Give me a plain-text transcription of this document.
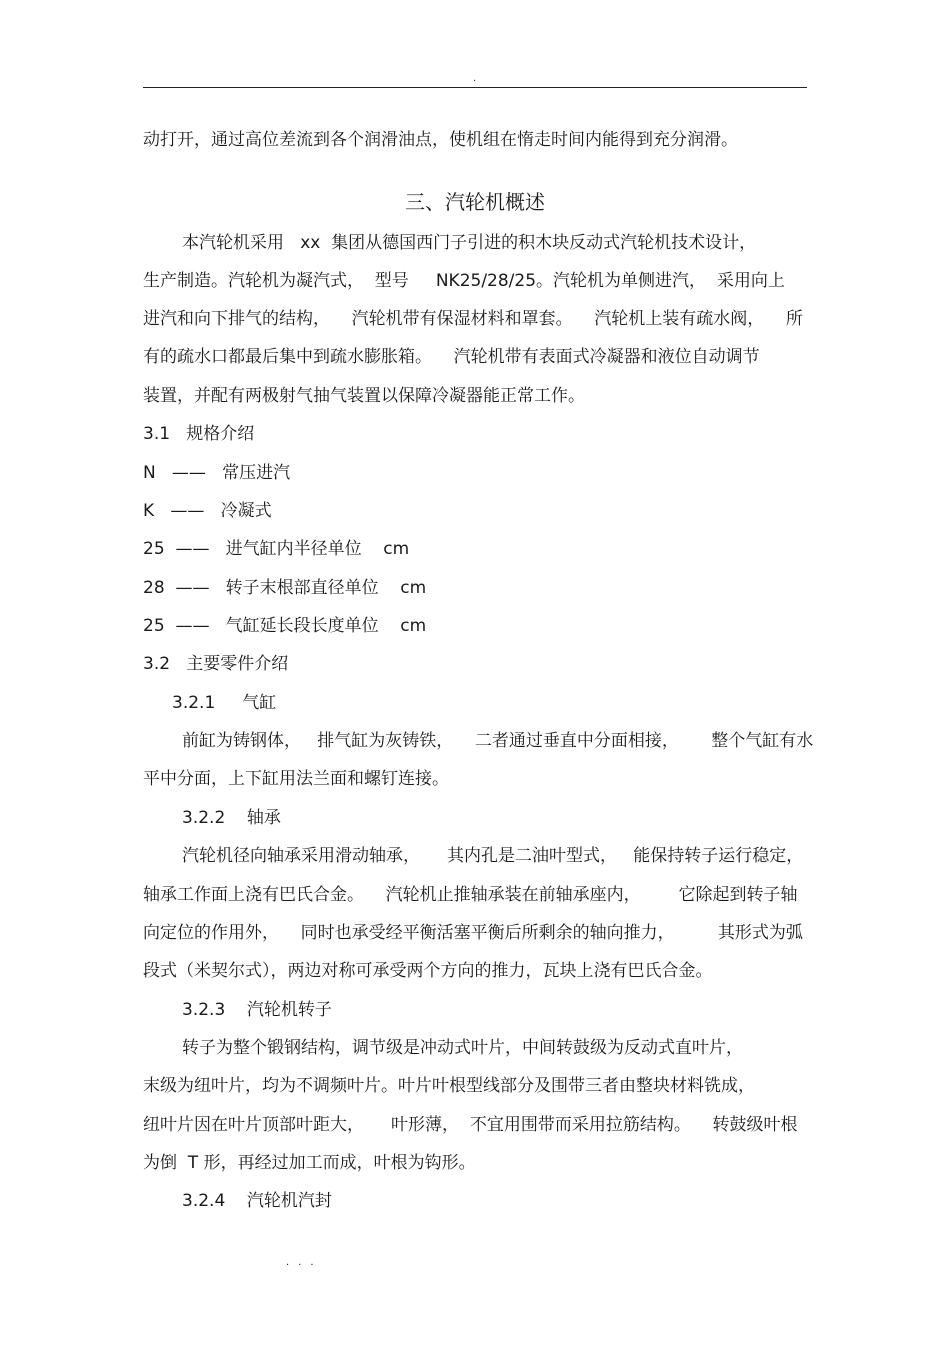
.
动打开，通过高位差流到各个润滑油点，使机组在惰走时间内能得到充分润滑。
三、汽轮机概述
本汽轮机采用   xx  集团从德国西门子引进的积木块反动式汽轮机技术设计，
生产制造。汽轮机为凝汽式，  型号     NK25/28/25。汽轮机为单侧进汽，  采用向上
进汽和向下排气的结构，    汽轮机带有保湿材料和罩套。    汽轮机上装有疏水阀，    所
有的疏水口都最后集中到疏水膨胀箱。    汽轮机带有表面式冷凝器和液位自动调节
装置，并配有两极射气抽气装置以保障冷凝器能正常工作。
3.1   规格介绍
N   ——   常压进汽
K   ——   冷凝式
25  ——   进气缸内半径单位    cm
28  ——   转子末根部直径单位    cm
25  ——   气缸延长段长度单位    cm
3.2   主要零件介绍
3.2.1     气缸
前缸为铸钢体，   排气缸为灰铸铁，    二者通过垂直中分面相接，      整个气缸有水
平中分面，上下缸用法兰面和螺钉连接。
3.2.2    轴承
汽轮机径向轴承采用滑动轴承，     其内孔是二油叶型式，   能保持转子运行稳定，
轴承工作面上浇有巴氏合金。    汽轮机止推轴承装在前轴承座内，       它除起到转子轴
向定位的作用外，    同时也承受经平衡活塞平衡后所剩余的轴向推力，        其形式为弧
段式（米契尔式），两边对称可承受两个方向的推力，瓦块上浇有巴氏合金。
3.2.3    汽轮机转子
转子为整个锻钢结构，调节级是冲动式叶片，中间转鼓级为反动式直叶片，
末级为纽叶片，均为不调频叶片。叶片叶根型线部分及围带三者由整块材料铣成，
纽叶片因在叶片顶部叶距大，     叶形薄，  不宜用围带而采用拉筋结构。    转鼓级叶根
为倒  T 形，再经过加工而成，叶根为钩形。
3.2.4    汽轮机汽封
...
